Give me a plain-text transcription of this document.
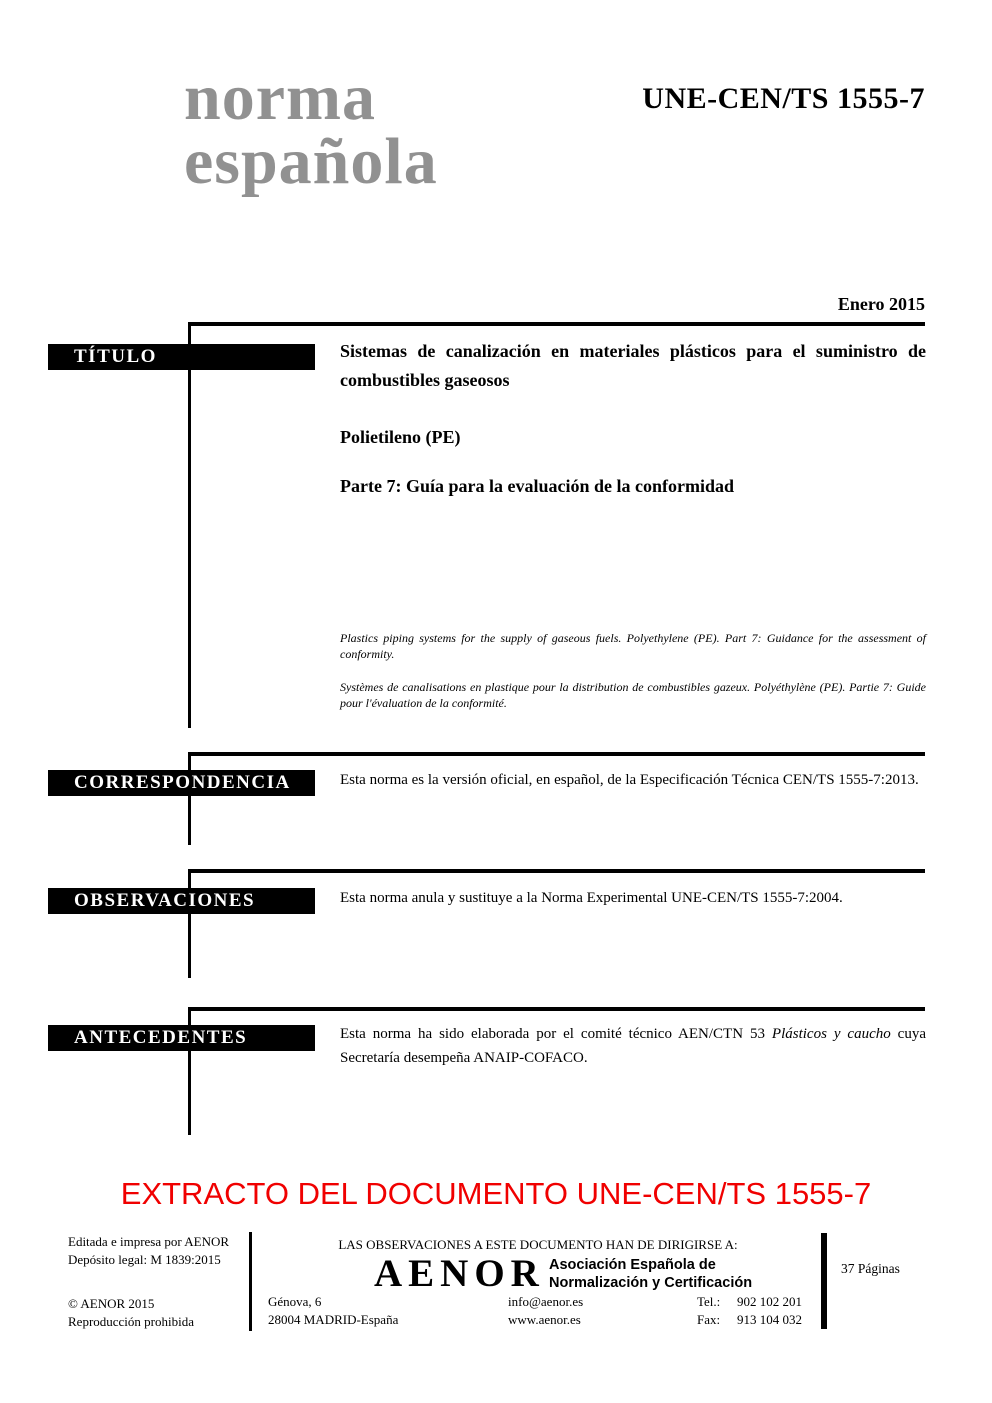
norma
española
UNE-CEN/TS 1555-7
Enero 2015
TÍTULO	Sistemas de canalización en materiales plásticos para el suministro de combustibles gaseosos

Polietileno (PE)

Parte 7: Guía para la evaluación de la conformidad

Plastics piping systems for the supply of gaseous fuels. Polyethylene (PE). Part 7: Guidance for the assessment of conformity.

Systèmes de canalisations en plastique pour la distribution de combustibles gazeux. Polyéthylène (PE). Partie 7: Guide pour l'évaluation de la conformité.

CORRESPONDENCIA	Esta norma es la versión oficial, en español, de la Especificación Técnica CEN/TS 1555-7:2013.

OBSERVACIONES	Esta norma anula y sustituye a la Norma Experimental UNE-CEN/TS 1555-7:2004.

ANTECEDENTES	Esta norma ha sido elaborada por el comité técnico AEN/CTN 53 Plásticos y caucho cuya Secretaría desempeña ANAIP-COFACO.

EXTRACTO DEL DOCUMENTO UNE-CEN/TS 1555-7
Editada e impresa por AENOR
Depósito legal: M 1839:2015
© AENOR 2015
Reproducción prohibida
LAS OBSERVACIONES A ESTE DOCUMENTO HAN DE DIRIGIRSE A:
AENOR Asociación Española de
Normalización y Certificación
Génova, 6
28004 MADRID-España
info@aenor.es
www.aenor.es
Tel.: 902 102 201
Fax: 913 104 032
37 Páginas
